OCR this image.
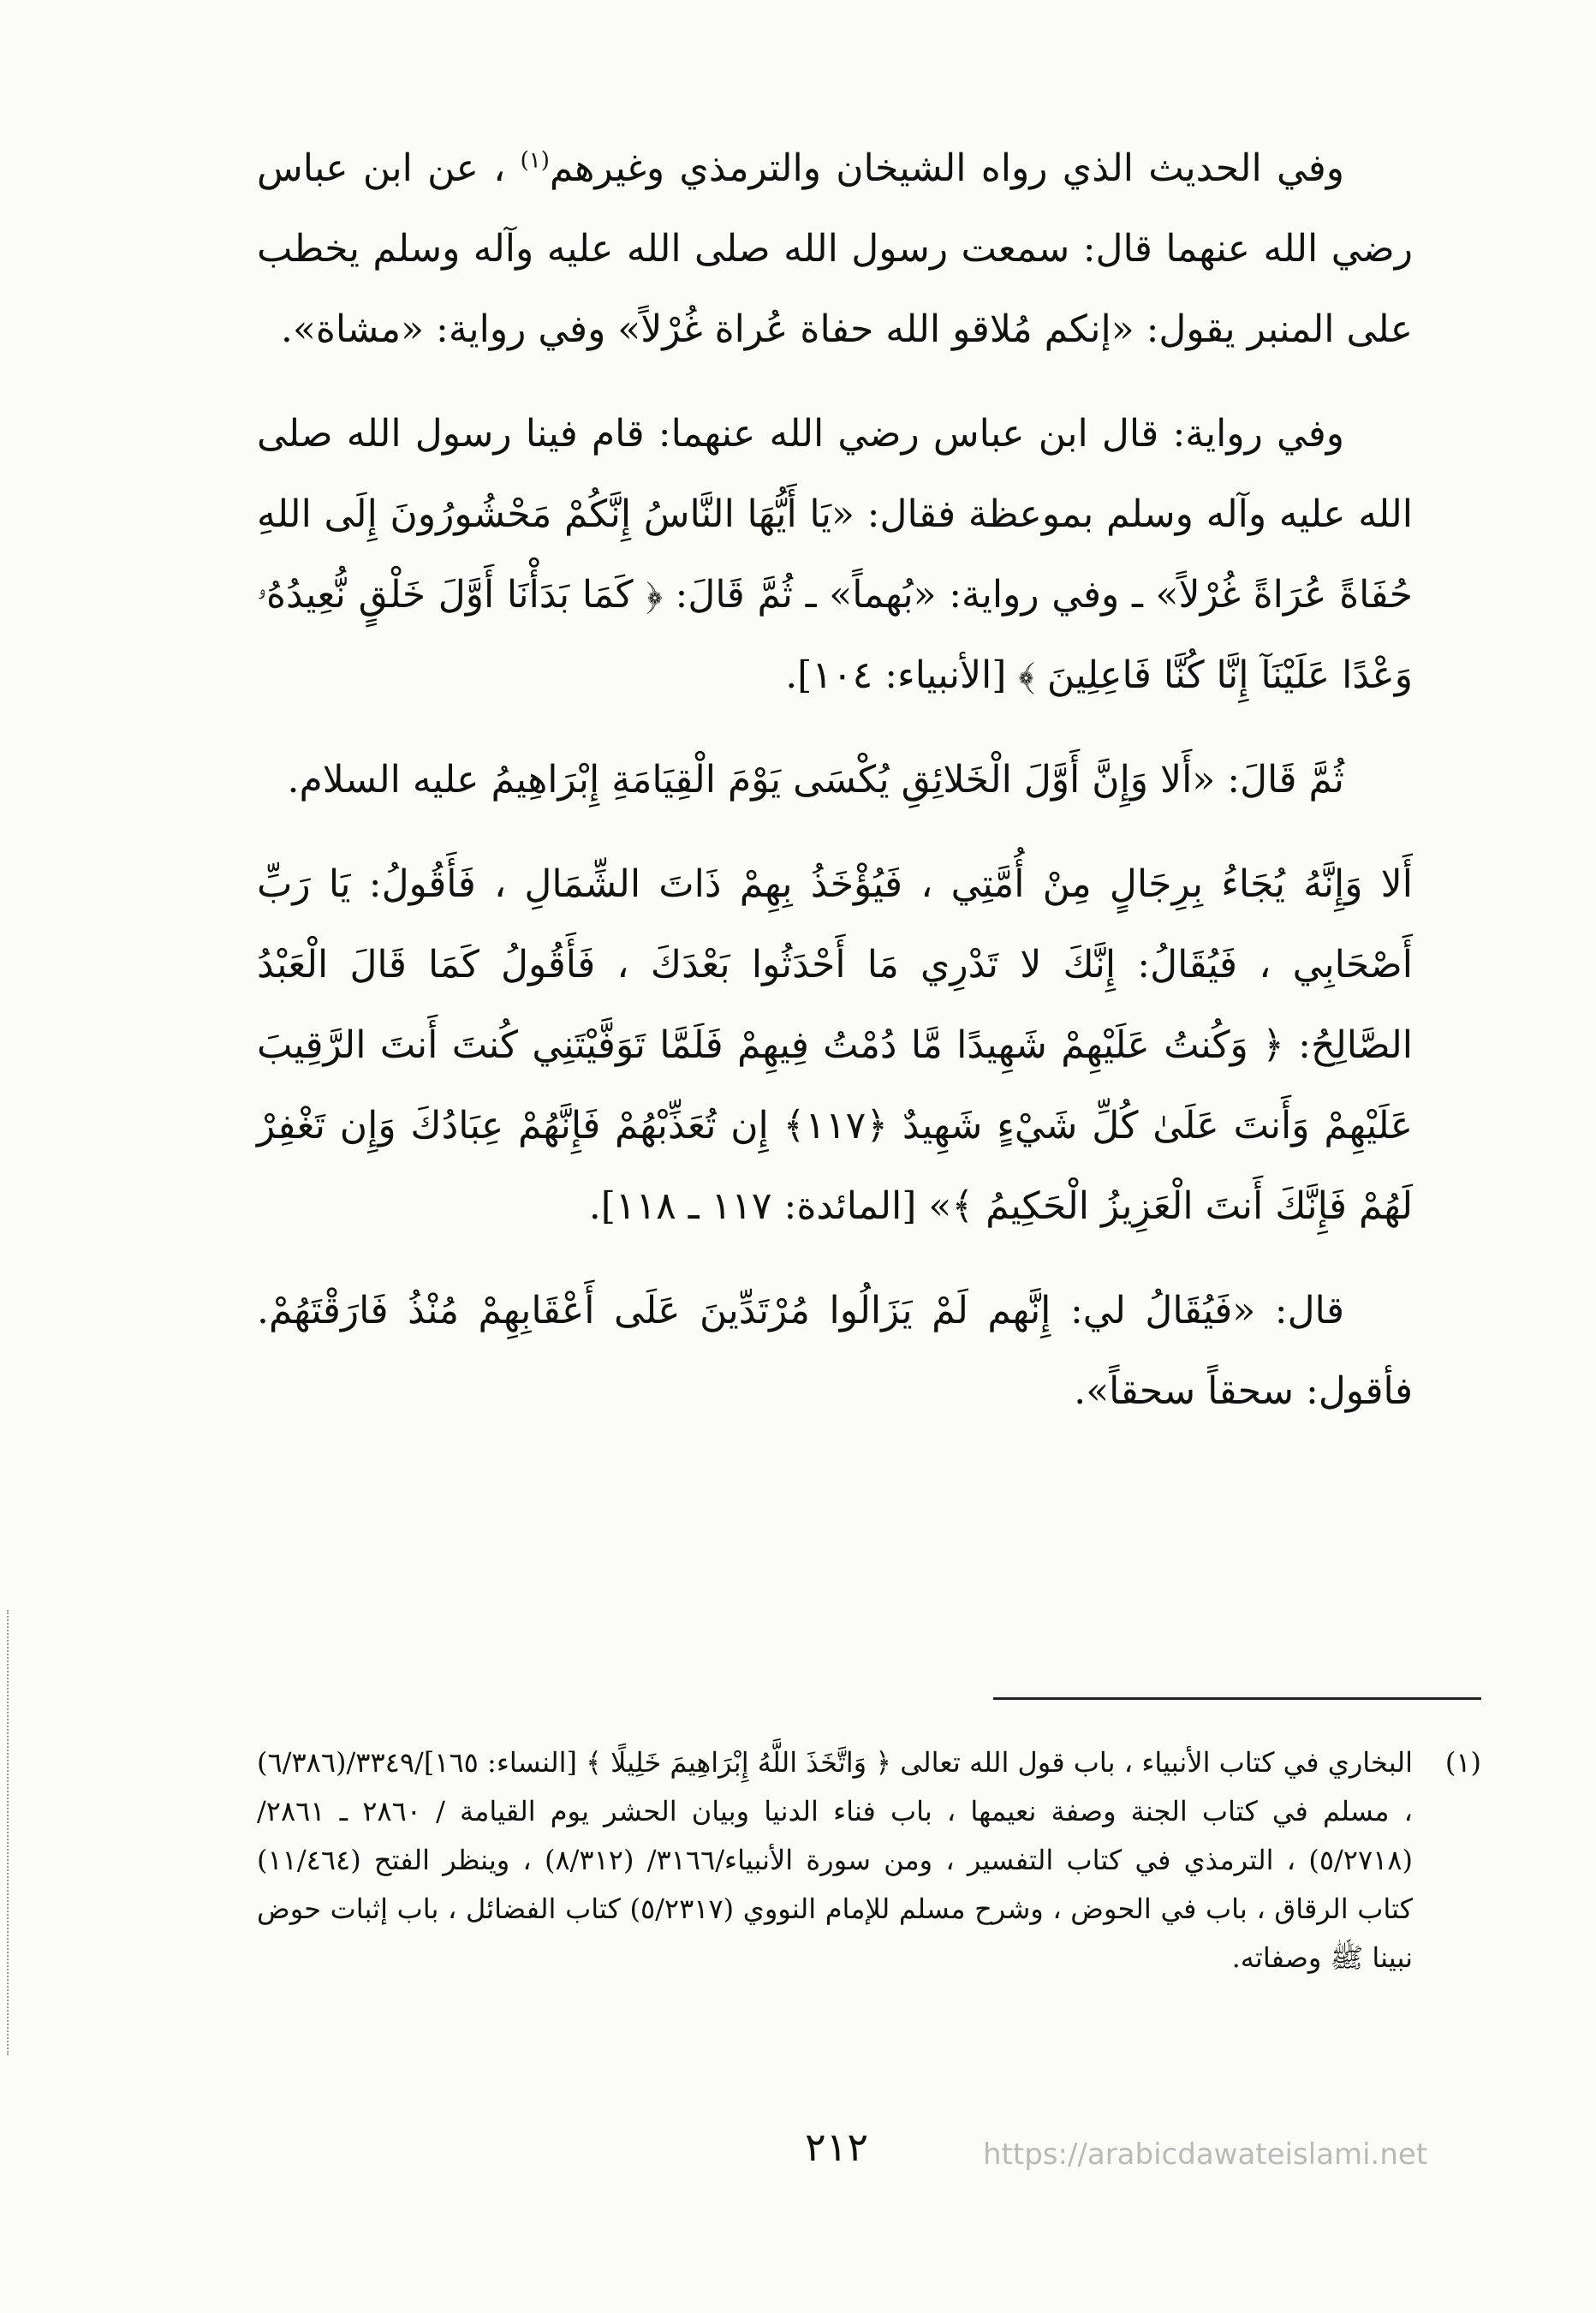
وفي الحديث الذي رواه الشيخان والترمذي وغيرهم$^{(١)}$ ، عن ابن عباس رضي الله عنهما قال: سمعت رسول الله صلى الله عليه وآله وسلم يخطب على المنبر يقول: «إنكم مُلاقو الله حفاة عُراة غُرْلاً» وفي رواية: «مشاة».

وفي رواية: قال ابن عباس رضي الله عنهما: قام فينا رسول الله صلى الله عليه وآله وسلم بموعظة فقال: «يَا أَيُّهَا النَّاسُ إِنَّكُمْ مَحْشُورُونَ إِلَى اللهِ حُفَاةً عُرَاةً غُرْلاً» ـ وفي رواية: «بُهماً» ـ ثُمَّ قَالَ: ﴿ كَمَا بَدَأْنَا أَوَّلَ خَلْقٍ نُّعِيدُهُۥ وَعْدًا عَلَيْنَآ إِنَّا كُنَّا فَاعِلِينَ ﴾ [الأنبياء: ١٠٤].

ثُمَّ قَالَ: «أَلا وَإِنَّ أَوَّلَ الْخَلائِقِ يُكْسَى يَوْمَ الْقِيَامَةِ إِبْرَاهِيمُ عليه السلام.

أَلا وَإِنَّهُ يُجَاءُ بِرِجَالٍ مِنْ أُمَّتِي ، فَيُؤْخَذُ بِهِمْ ذَاتَ الشِّمَالِ ، فَأَقُولُ: يَا رَبِّ أَصْحَابِي ، فَيُقَالُ: إِنَّكَ لا تَدْرِي مَا أَحْدَثُوا بَعْدَكَ ، فَأَقُولُ كَمَا قَالَ الْعَبْدُ الصَّالِحُ: ﴿ وَكُنتُ عَلَيْهِمْ شَهِيدًا مَّا دُمْتُ فِيهِمْ فَلَمَّا تَوَفَّيْتَنِي كُنتَ أَنتَ الرَّقِيبَ عَلَيْهِمْ وَأَنتَ عَلَىٰ كُلِّ شَيْءٍ شَهِيدٌ ﴿١١٧﴾ إِن تُعَذِّبْهُمْ فَإِنَّهُمْ عِبَادُكَ وَإِن تَغْفِرْ لَهُمْ فَإِنَّكَ أَنتَ الْعَزِيزُ الْحَكِيمُ ﴾» [المائدة: ١١٧ ـ ١١٨].

قال: «فَيُقَالُ لي: إِنَّهم لَمْ يَزَالُوا مُرْتَدِّينَ عَلَى أَعْقَابِهِمْ مُنْذُ فَارَقْتَهُمْ. فأقول: سحقاً سحقاً».

(١)
البخاري في كتاب الأنبياء ، باب قول الله تعالى ﴿ وَاتَّخَذَ اللَّهُ إِبْرَاهِيمَ خَلِيلًا ﴾ [النساء: ١٦٥]/٣٣٤٩/(٦/٣٨٦) ، مسلم في كتاب الجنة وصفة نعيمها ، باب فناء الدنيا وبيان الحشر يوم القيامة / ٢٨٦٠ ـ ٢٨٦١/ (٥/٢٧١٨) ، الترمذي في كتاب التفسير ، ومن سورة الأنبياء/٣١٦٦/ (٨/٣١٢) ، وينظر الفتح (١١/٤٦٤) كتاب الرقاق ، باب في الحوض ، وشرح مسلم للإمام النووي (٥/٢٣١٧) كتاب الفضائل ، باب إثبات حوض نبينا ﷺ وصفاته.
٢١٢	https://arabicdawateislami.net
